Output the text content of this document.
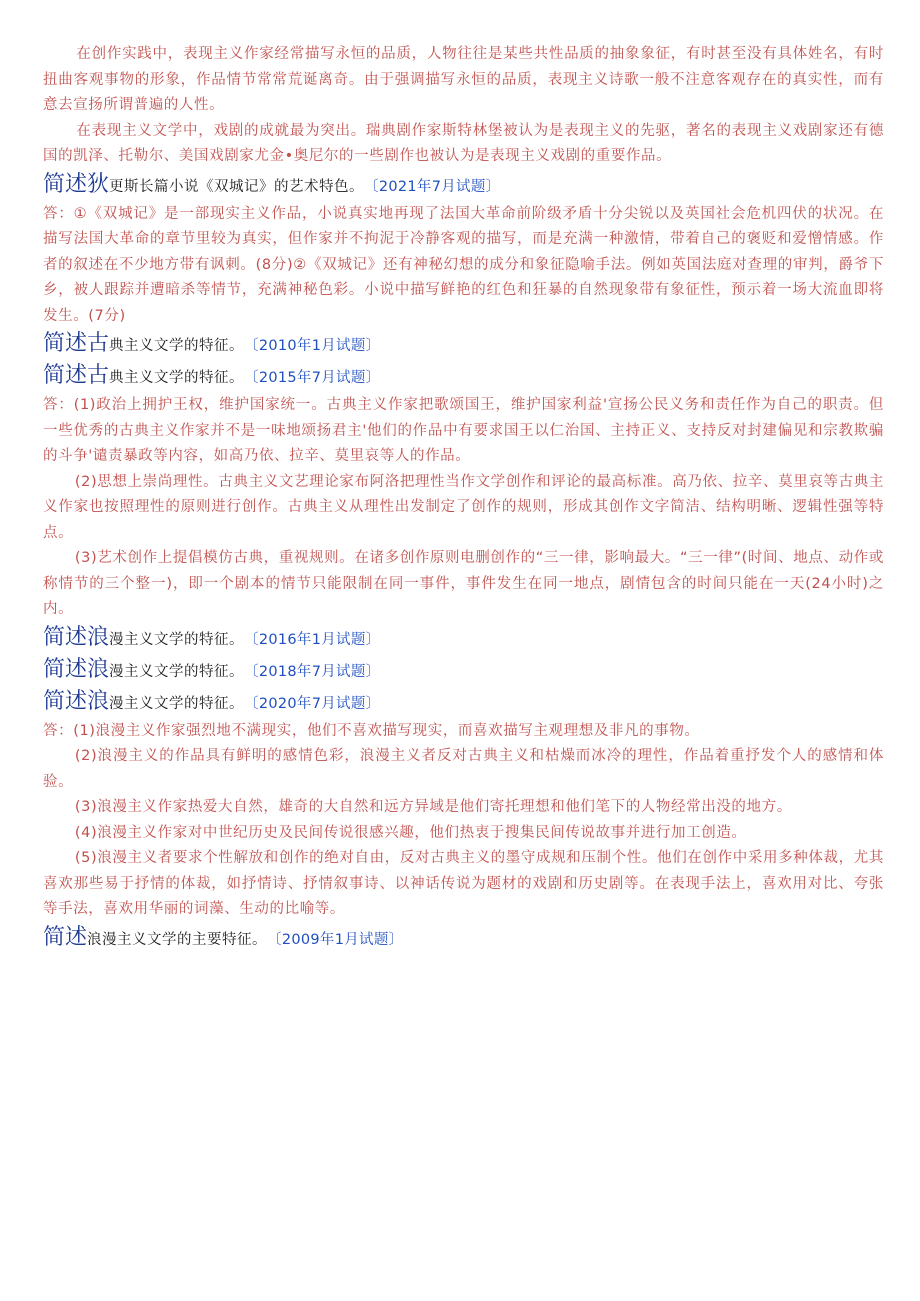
在创作实践中，表现主义作家经常描写永恒的品质，人物往往是某些共性品质的抽象象征，有时甚至没有具体姓名，有时扭曲客观事物的形象，作品情节常常荒诞离奇。由于强调描写永恒的品质，表现主义诗歌一般不注意客观存在的真实性，而有意去宣扬所谓普遍的人性。

在表现主义文学中，戏剧的成就最为突出。瑞典剧作家斯特林堡被认为是表现主义的先驱，著名的表现主义戏剧家还有德国的凯泽、托勒尔、美国戏剧家尤金•奥尼尔的一些剧作也被认为是表现主义戏剧的重要作品。

简述狄 更斯长篇小说《双城记》的艺术特色。 〔2021年7月试题〕

答：①《双城记》是一部现实主义作品，小说真实地再现了法国大革命前阶级矛盾十分尖锐以及英国社会危机四伏的状况。在描写法国大革命的章节里较为真实，但作家并不拘泥于冷静客观的描写，而是充满一种激情，带着自己的褒贬和爱憎情感。作者的叙述在不少地方带有讽刺。(8分)②《双城记》还有神秘幻想的成分和象征隐喻手法。例如英国法庭对查理的审判，爵爷下乡，被人跟踪并遭暗杀等情节，充满神秘色彩。小说中描写鲜艳的红色和狂暴的自然现象带有象征性，预示着一场大流血即将发生。(7分)

简述古 典主义文学的特征。 〔2010年1月试题〕

简述古 典主义文学的特征。 〔2015年7月试题〕

答：(1)政治上拥护王权，维护国家统一。古典主义作家把歌颂国王，维护国家利益'宣扬公民义务和责任作为自己的职责。但一些优秀的古典主义作家并不是一味地颂扬君主'他们的作品中有要求国王以仁治国、主持正义、支持反对封建偏见和宗教欺骗的斗争'谴责暴政等内容，如高乃依、拉辛、莫里哀等人的作品。

(2)思想上崇尚理性。古典主义文艺理论家布阿洛把理性当作文学创作和评论的最高标准。高乃依、拉辛、莫里哀等古典主义作家也按照理性的原则进行创作。古典主义从理性出发制定了创作的规则，形成其创作文字简洁、结构明晰、逻辑性强等特点。

(3)艺术创作上提倡模仿古典，重视规则。在诸多创作原则电删创作的“三一律，影响最大。“三一律”(时间、地点、动作或称情节的三个整一)，即一个剧本的情节只能限制在同一事件，事件发生在同一地点，剧情包含的时间只能在一天(24小时)之内。

简述浪 漫主义文学的特征。 〔2016年1月试题〕

简述浪 漫主义文学的特征。 〔2018年7月试题〕

简述浪 漫主义文学的特征。 〔2020年7月试题〕

答：(1)浪漫主义作家强烈地不满现实，他们不喜欢描写现实，而喜欢描写主观理想及非凡的事物。

(2)浪漫主义的作品具有鲜明的感情色彩，浪漫主义者反对古典主义和枯燥而冰冷的理性，作品着重抒发个人的感情和体验。

(3)浪漫主义作家热爱大自然，雄奇的大自然和远方异域是他们寄托理想和他们笔下的人物经常出没的地方。

(4)浪漫主义作家对中世纪历史及民间传说很感兴趣，他们热衷于搜集民间传说故事并进行加工创造。

(5)浪漫主义者要求个性解放和创作的绝对自由，反对古典主义的墨守成规和压制个性。他们在创作中采用多种体裁，尤其喜欢那些易于抒情的体裁，如抒情诗、抒情叙事诗、以神话传说为题材的戏剧和历史剧等。在表现手法上，喜欢用对比、夸张等手法，喜欢用华丽的词藻、生动的比喻等。

简述 浪漫主义文学的主要特征。 〔2009年1月试题〕
